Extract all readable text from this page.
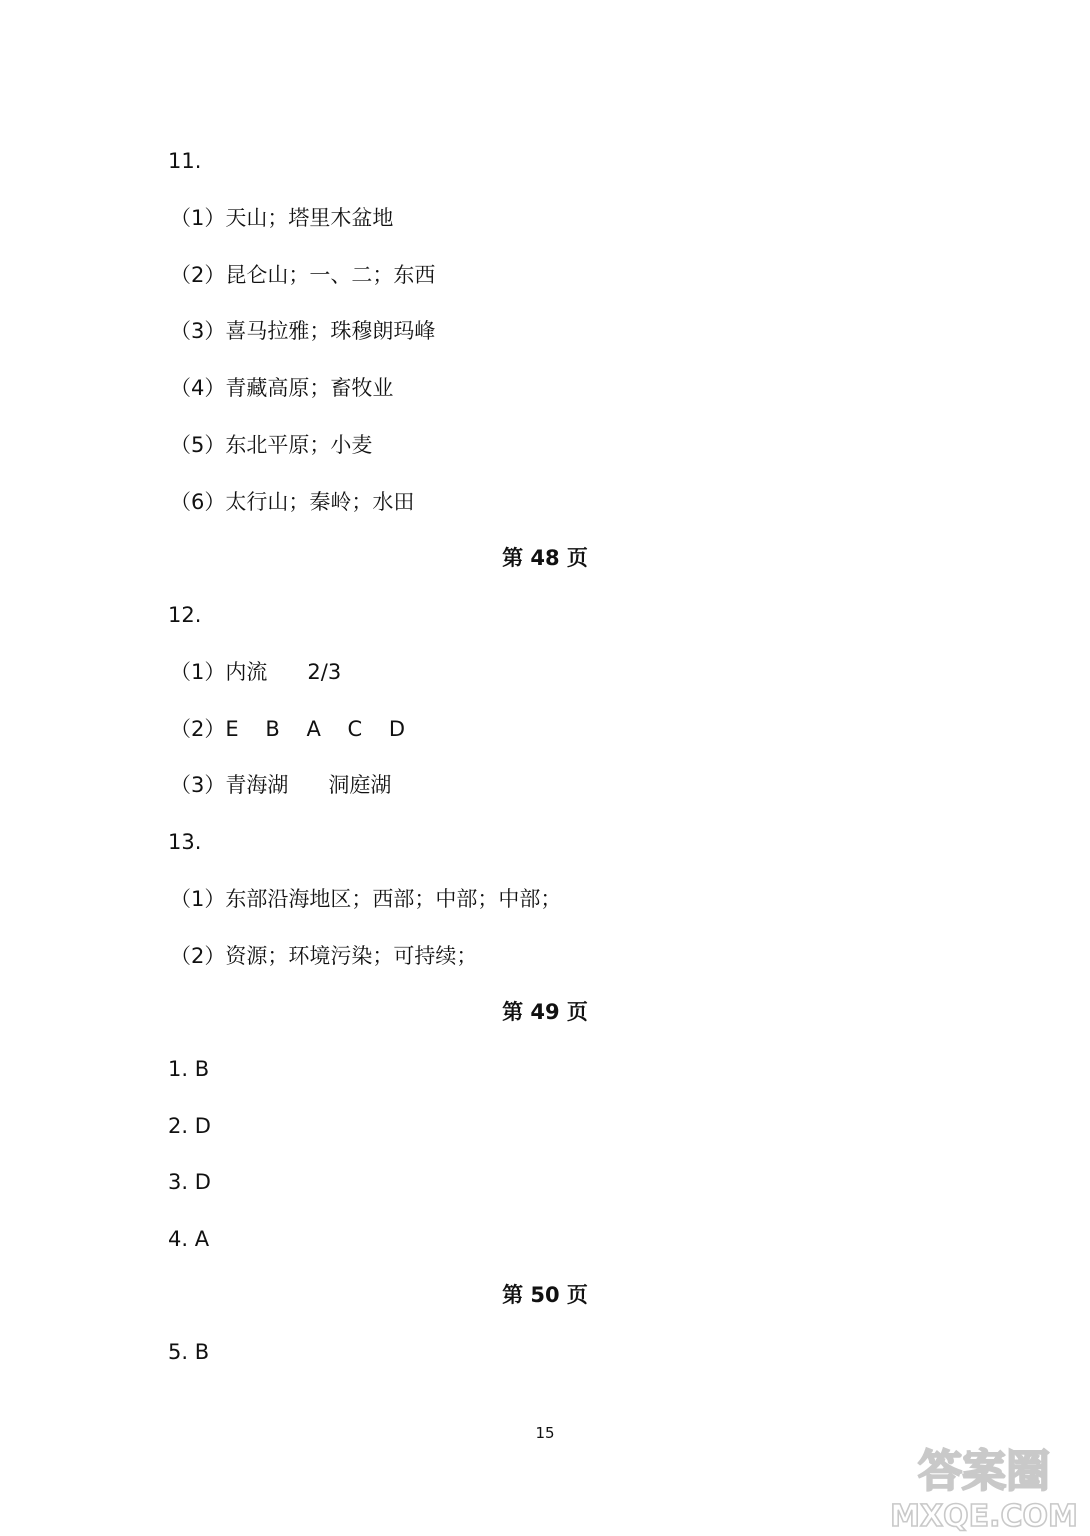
11.
（1）天山；塔里木盆地
（2）昆仑山；一、二；东西
（3）喜马拉雅；珠穆朗玛峰
（4）青藏高原；畜牧业
（5）东北平原；小麦
（6）太行山；秦岭；水田
第 48 页
12.
（1）内流      2/3
（2）E    B    A    C    D
（3）青海湖      洞庭湖
13.
（1）东部沿海地区；西部；中部；中部；
（2）资源；环境污染；可持续；
第 49 页
1. B
2. D
3. D
4. A
第 50 页
5. B
15
答案圈
MXQE.COM
